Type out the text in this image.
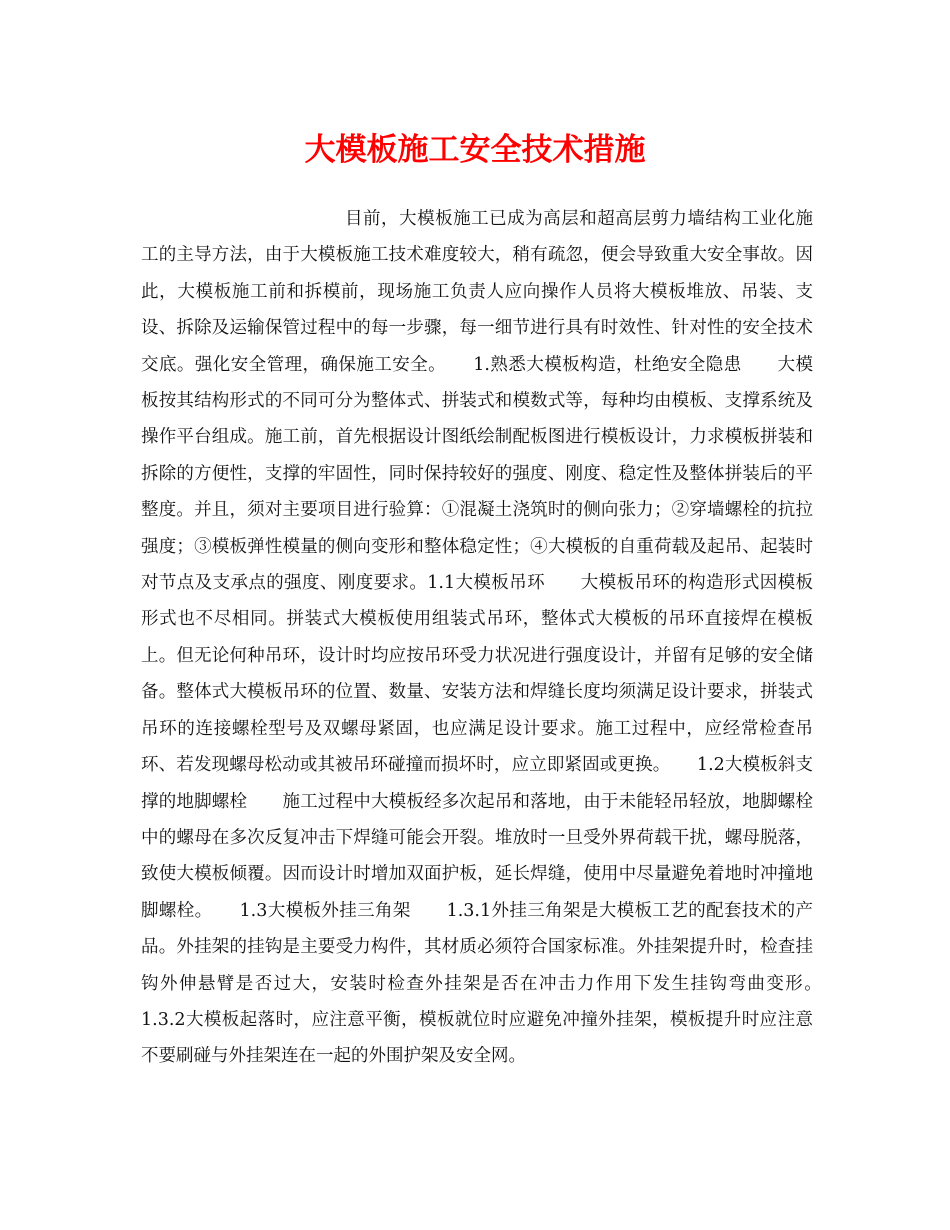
大模板施工安全技术措施

目前，大模板施工已成为高层和超高层剪力墙结构工业化施工的主导方法，由于大模板施工技术难度较大，稍有疏忽，便会导致重大安全事故。因此，大模板施工前和拆模前，现场施工负责人应向操作人员将大模板堆放、吊装、支设、拆除及运输保管过程中的每一步骤，每一细节进行具有时效性、针对性的安全技术交底。强化安全管理，确保施工安全。　　1.熟悉大模板构造，杜绝安全隐患　　大模板按其结构形式的不同可分为整体式、拼装式和模数式等，每种均由模板、支撑系统及操作平台组成。施工前，首先根据设计图纸绘制配板图进行模板设计，力求模板拼装和拆除的方便性，支撑的牢固性，同时保持较好的强度、刚度、稳定性及整体拼装后的平整度。并且，须对主要项目进行验算：①混凝土浇筑时的侧向张力；②穿墙螺栓的抗拉强度；③模板弹性模量的侧向变形和整体稳定性；④大模板的自重荷载及起吊、起装时对节点及支承点的强度、刚度要求。1.1大模板吊环　　大模板吊环的构造形式因模板形式也不尽相同。拼装式大模板使用组装式吊环，整体式大模板的吊环直接焊在模板上。但无论何种吊环，设计时均应按吊环受力状况进行强度设计，并留有足够的安全储备。整体式大模板吊环的位置、数量、安装方法和焊缝长度均须满足设计要求，拼装式吊环的连接螺栓型号及双螺母紧固，也应满足设计要求。施工过程中，应经常检查吊环、若发现螺母松动或其被吊环碰撞而损坏时，应立即紧固或更换。　　1.2大模板斜支撑的地脚螺栓　　施工过程中大模板经多次起吊和落地，由于未能轻吊轻放，地脚螺栓中的螺母在多次反复冲击下焊缝可能会开裂。堆放时一旦受外界荷载干扰，螺母脱落，致使大模板倾覆。因而设计时增加双面护板，延长焊缝，使用中尽量避免着地时冲撞地脚螺栓。　　1.3大模板外挂三角架　　1.3.1外挂三角架是大模板工艺的配套技术的产品。外挂架的挂钩是主要受力构件，其材质必须符合国家标准。外挂架提升时，检查挂钩外伸悬臂是否过大，安装时检查外挂架是否在冲击力作用下发生挂钩弯曲变形。　　1.3.2大模板起落时，应注意平衡，模板就位时应避免冲撞外挂架，模板提升时应注意不要刷碰与外挂架连在一起的外围护架及安全网。
